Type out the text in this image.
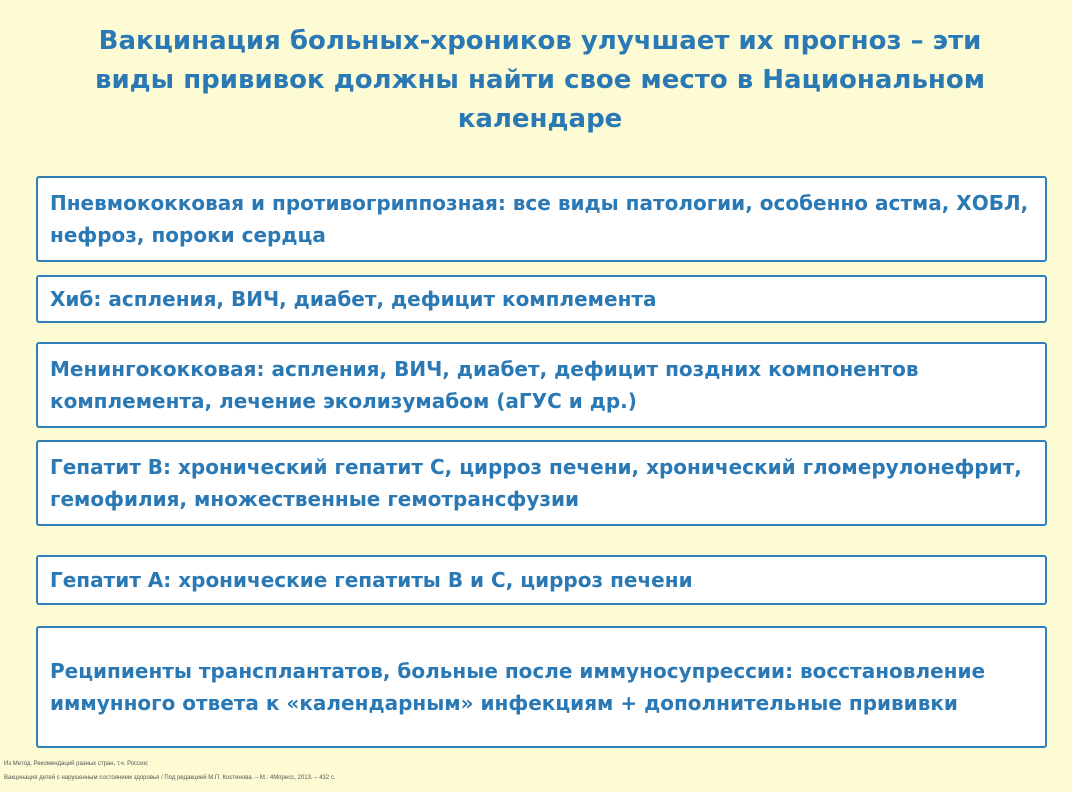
Вакцинация больных-хроников улучшает их прогноз – эти виды прививок должны найти свое место в Национальном календаре
Пневмококковая и противогриппозная: все виды патологии, особенно астма, ХОБЛ, нефроз, пороки сердца
Хиб: аспления, ВИЧ, диабет, дефицит комплемента
Менингококковая: аспления, ВИЧ, диабет, дефицит поздних компонентов комплемента, лечение эколизумабом (аГУС и др.)
Гепатит В: хронический гепатит С, цирроз печени, хронический гломерулонефрит, гемофилия, множественные гемотрансфузии
Гепатит А: хронические гепатиты В и С, цирроз печени
Реципиенты трансплантатов, больные после иммуносупрессии: восстановление иммунного ответа к «календарным» инфекциям + дополнительные прививки
Из Метод. Рекомендаций разных стран, т.ч. России;
Вакцинация детей с нарушенным состоянием здоровья / Под редакцией М.П. Костинова. – М.: 4Мпресс, 2013. – 432 с.
